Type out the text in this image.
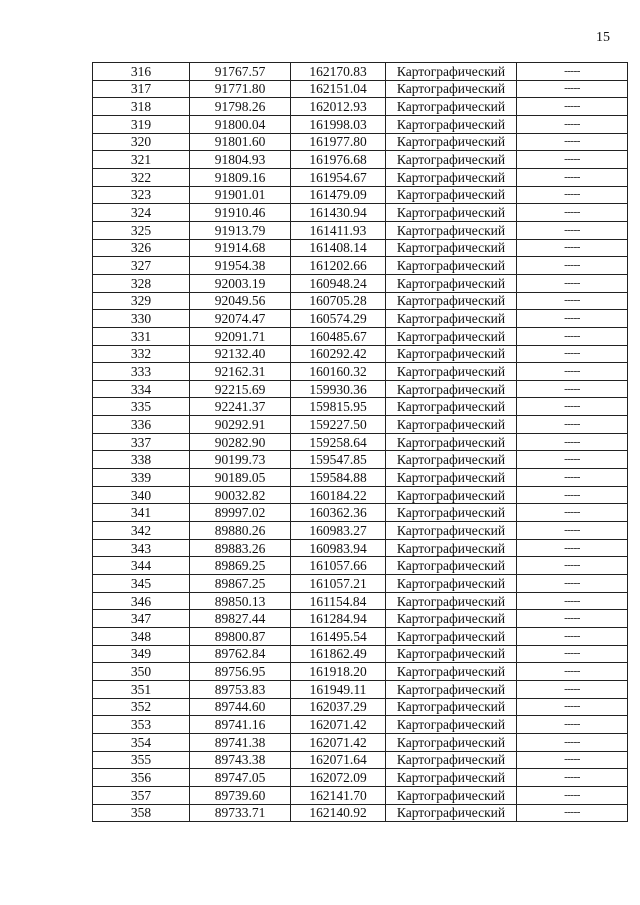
15
316	91767.57	162170.83	Картографический	-----
317	91771.80	162151.04	Картографический	-----
318	91798.26	162012.93	Картографический	-----
319	91800.04	161998.03	Картографический	-----
320	91801.60	161977.80	Картографический	-----
321	91804.93	161976.68	Картографический	-----
322	91809.16	161954.67	Картографический	-----
323	91901.01	161479.09	Картографический	-----
324	91910.46	161430.94	Картографический	-----
325	91913.79	161411.93	Картографический	-----
326	91914.68	161408.14	Картографический	-----
327	91954.38	161202.66	Картографический	-----
328	92003.19	160948.24	Картографический	-----
329	92049.56	160705.28	Картографический	-----
330	92074.47	160574.29	Картографический	-----
331	92091.71	160485.67	Картографический	-----
332	92132.40	160292.42	Картографический	-----
333	92162.31	160160.32	Картографический	-----
334	92215.69	159930.36	Картографический	-----
335	92241.37	159815.95	Картографический	-----
336	90292.91	159227.50	Картографический	-----
337	90282.90	159258.64	Картографический	-----
338	90199.73	159547.85	Картографический	-----
339	90189.05	159584.88	Картографический	-----
340	90032.82	160184.22	Картографический	-----
341	89997.02	160362.36	Картографический	-----
342	89880.26	160983.27	Картографический	-----
343	89883.26	160983.94	Картографический	-----
344	89869.25	161057.66	Картографический	-----
345	89867.25	161057.21	Картографический	-----
346	89850.13	161154.84	Картографический	-----
347	89827.44	161284.94	Картографический	-----
348	89800.87	161495.54	Картографический	-----
349	89762.84	161862.49	Картографический	-----
350	89756.95	161918.20	Картографический	-----
351	89753.83	161949.11	Картографический	-----
352	89744.60	162037.29	Картографический	-----
353	89741.16	162071.42	Картографический	-----
354	89741.38	162071.42	Картографический	-----
355	89743.38	162071.64	Картографический	-----
356	89747.05	162072.09	Картографический	-----
357	89739.60	162141.70	Картографический	-----
358	89733.71	162140.92	Картографический	-----
